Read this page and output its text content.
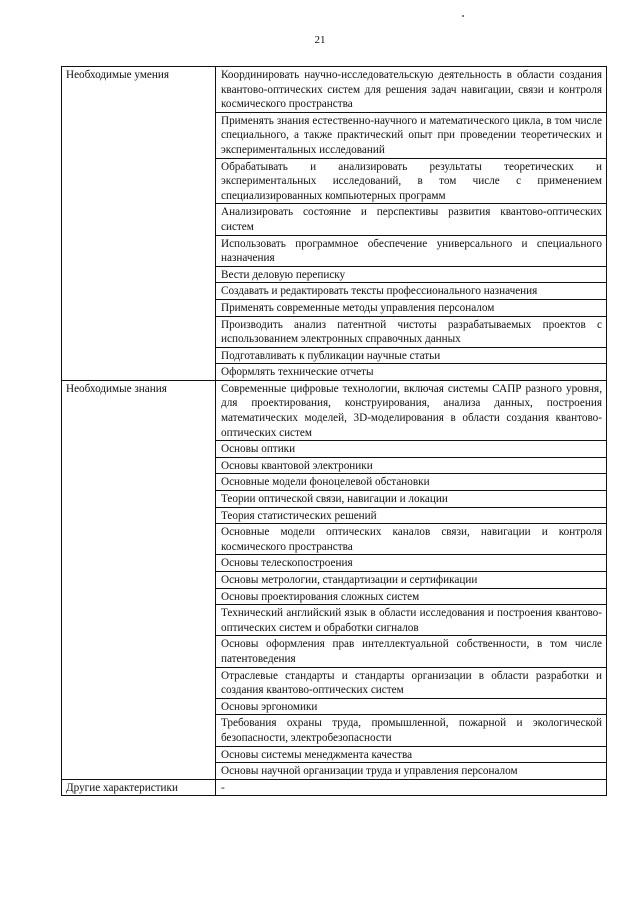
21
Необходимые умения	Координировать научно-исследовательскую деятельность в области создания квантово-оптических систем для решения задач навигации, связи и контроля космического пространства
	Применять знания естественно-научного и математического цикла, в том числе специального, а также практический опыт при проведении теоретических и экспериментальных исследований
	Обрабатывать и анализировать результаты теоретических и экспериментальных исследований, в том числе с применением специализированных компьютерных программ
	Анализировать состояние и перспективы развития квантово-оптических систем
	Использовать программное обеспечение универсального и специального назначения
	Вести деловую переписку
	Создавать и редактировать тексты профессионального назначения
	Применять современные методы управления персоналом
	Производить анализ патентной чистоты разрабатываемых проектов с использованием электронных справочных данных
	Подготавливать к публикации научные статьи
	Оформлять технические отчеты
Необходимые знания	Современные цифровые технологии, включая системы САПР разного уровня, для проектирования, конструирования, анализа данных, построения математических моделей, 3D-моделирования в области создания квантово-оптических систем
	Основы оптики
	Основы квантовой электроники
	Основные модели фоноцелевой обстановки
	Теории оптической связи, навигации и локации
	Теория статистических решений
	Основные модели оптических каналов связи, навигации и контроля космического пространства
	Основы телескопостроения
	Основы метрологии, стандартизации и сертификации
	Основы проектирования сложных систем
	Технический английский язык в области исследования и построения квантово-оптических систем и обработки сигналов
	Основы оформления прав интеллектуальной собственности, в том числе патентоведения
	Отраслевые стандарты и стандарты организации в области разработки и создания квантово-оптических систем
	Основы эргономики
	Требования охраны труда, промышленной, пожарной и экологической безопасности, электробезопасности
	Основы системы менеджмента качества
	Основы научной организации труда и управления персоналом
Другие характеристики	-
